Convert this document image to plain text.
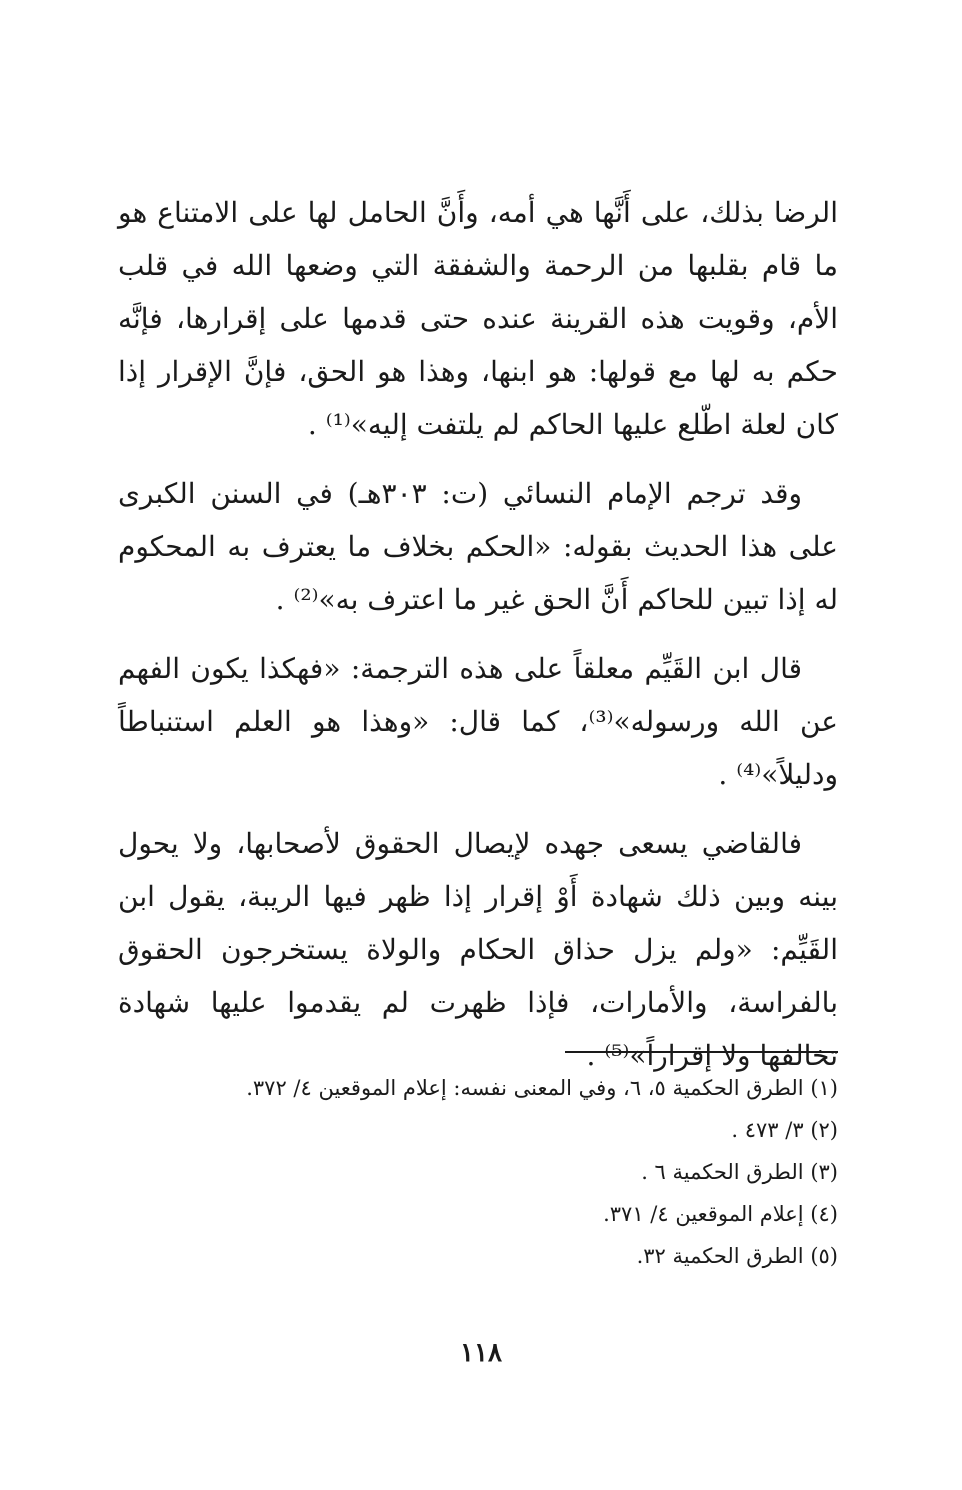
الرضا بذلك، على أَنَّها هي أمه، وأَنَّ الحامل لها على الامتناع هو ما قام بقلبها من الرحمة والشفقة التي وضعها الله في قلب الأم، وقويت هذه القرينة عنده حتى قدمها على إقرارها، فإنَّه حكم به لها مع قولها: هو ابنها، وهذا هو الحق، فإنَّ الإقرار إذا كان لعلة اطّلع عليها الحاكم لم يلتفت إليه»⁽¹⁾ .

وقد ترجم الإمام النسائي (ت: ٣٠٣هـ) في السنن الكبرى على هذا الحديث بقوله: «الحكم بخلاف ما يعترف به المحكوم له إذا تبين للحاكم أَنَّ الحق غير ما اعترف به»⁽²⁾ .

قال ابن القَيِّم معلقاً على هذه الترجمة: «فهكذا يكون الفهم عن الله ورسوله»⁽³⁾، كما قال: «وهذا هو العلم استنباطاً ودليلاً»⁽⁴⁾ .

فالقاضي يسعى جهده لإيصال الحقوق لأصحابها، ولا يحول بينه وبين ذلك شهادة أَوْ إقرار إذا ظهر فيها الريبة، يقول ابن القَيِّم: «ولم يزل حذاق الحكام والولاة يستخرجون الحقوق بالفراسة، والأمارات، فإذا ظهرت لم يقدموا عليها شهادة تخالفها ولا إقراراً»⁽⁵⁾ .

(١) الطرق الحكمية ٥، ٦، وفي المعنى نفسه: إعلام الموقعين ٤/ ٣٧٢.

(٢) ٣/ ٤٧٣ .

(٣) الطرق الحكمية ٦ .

(٤) إعلام الموقعين ٤/ ٣٧١.

(٥) الطرق الحكمية ٣٢.

١١٨
